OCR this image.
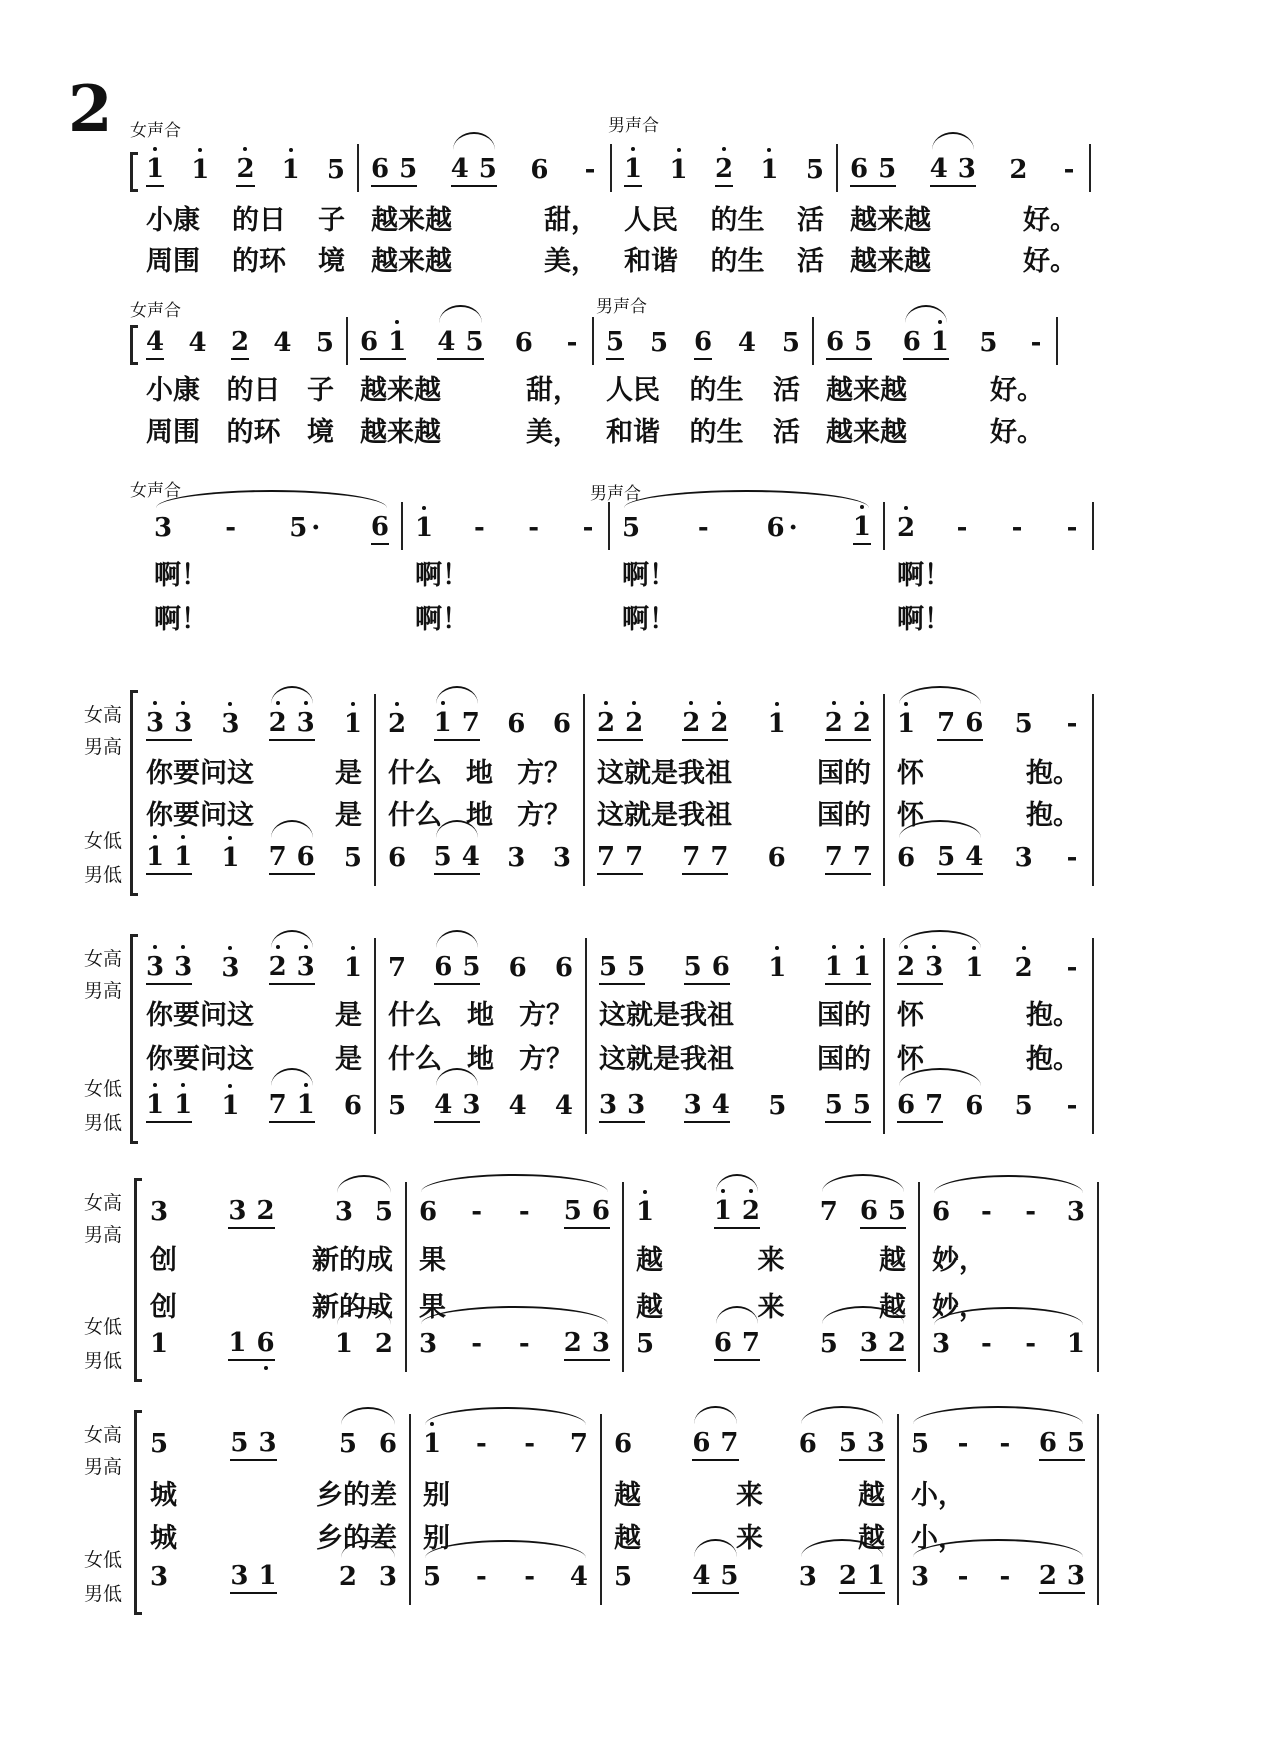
2 女声合	男声合
1 1 2 1 5 6 5 4 5 6 - 1 1 2 1 5 6 5 4 3 2 -
小康 的日 子 越来越	甜， 人民 的生 活 越来越	好。
周围 的环 境 越来越	美， 和谐 的生 活 越来越	好。
女声合	男声合
4 4 2 4 5 6 1 4 5 6 - 5 5 6 4 5 6 5 6 1 5 -
小康 的日 子 越来越	甜， 人民 的生 活 越来越	好。
周围 的环 境 越来越	美， 和谐 的生 活 越来越	好。
女声合	男声合
3 - 5 · 6 1 - - - 5 - 6 · 1 2 - - -
啊！	啊！	啊！	啊！
啊！	啊！	啊！	啊！
女高
男高
女低
男低
3 3 3 2 3 1 2 1 7 6 6 2 2 2 2 1 2 2 1 7 6 5 -
你要问这	是 什么 地 方？ 这就是我祖	国的 怀	抱。
你要问这	是 什么 地 方？ 这就是我祖	国的 怀	抱。
1 1 1 7 6 5 6 5 4 3 3 7 7 7 7 6 7 7 6 5 4 3 -
女高
男高
女低
男低
3 3 3 2 3 1 7 6 5 6 6 5 5 5 6 1 1 1 2 3 1 2 -
你要问这	是 什么 地 方？ 这就是我祖	国的 怀	抱。
你要问这	是 什么 地 方？ 这就是我祖	国的 怀	抱。
1 1 1 7 1 6 5 4 3 4 4 3 3 3 4 5 5 5 6 7 6 5 -
女高
男高
女低
男低
3 3 2 3 5 6 - - 5 6 1 1 2 7 6 5 6 - - 3
创	新的成 果	越	来	越 妙，
创	新的成 果	越	来	越 妙，
1 1 6 1 2 3 - - 2 3 5 6 7 5 3 2 3 - - 1
女高
男高
女低
男低
5 5 3 5 6 1 - - 7 6 6 7 6 5 3 5 - - 6 5
城	乡的差 别	越	来	越 小，
城	乡的差 别	越	来	越 小，
3 3 1 2 3 5 - - 4 5 4 5 3 2 1 3 - - 2 3
